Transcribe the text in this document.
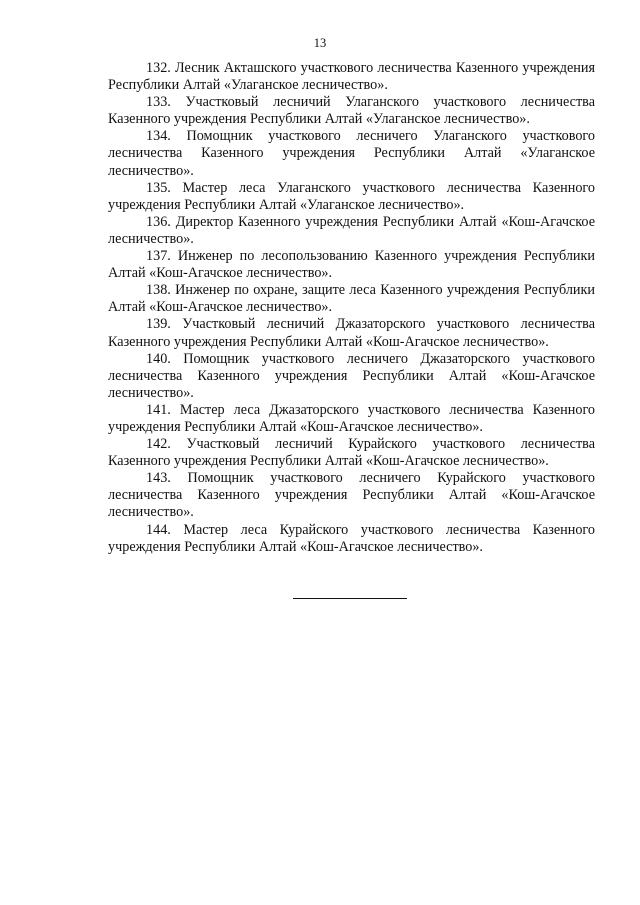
13

132. Лесник Акташского участкового лесничества Казенного учреждения Республики Алтай «Улаганское лесничество».

133. Участковый лесничий Улаганского участкового лесничества Казенного учреждения Республики Алтай «Улаганское лесничество».

134. Помощник участкового лесничего Улаганского участкового лесничества Казенного учреждения Республики Алтай «Улаганское лесничество».

135. Мастер леса Улаганского участкового лесничества Казенного учреждения Республики Алтай «Улаганское лесничество».

136. Директор Казенного учреждения Республики Алтай «Кош-Агачское лесничество».

137. Инженер по лесопользованию Казенного учреждения Республики Алтай «Кош-Агачское лесничество».

138. Инженер по охране, защите леса Казенного учреждения Республики Алтай «Кош-Агачское лесничество».

139. Участковый лесничий Джазаторского участкового лесничества Казенного учреждения Республики Алтай «Кош-Агачское лесничество».

140. Помощник участкового лесничего Джазаторского участкового лесничества Казенного учреждения Республики Алтай «Кош-Агачское лесничество».

141. Мастер леса Джазаторского участкового лесничества Казенного учреждения Республики Алтай «Кош-Агачское лесничество».

142. Участковый лесничий Курайского участкового лесничества Казенного учреждения Республики Алтай «Кош-Агачское лесничество».

143. Помощник участкового лесничего Курайского участкового лесничества Казенного учреждения Республики Алтай «Кош-Агачское лесничество».

144. Мастер леса Курайского участкового лесничества Казенного учреждения Республики Алтай «Кош-Агачское лесничество».
